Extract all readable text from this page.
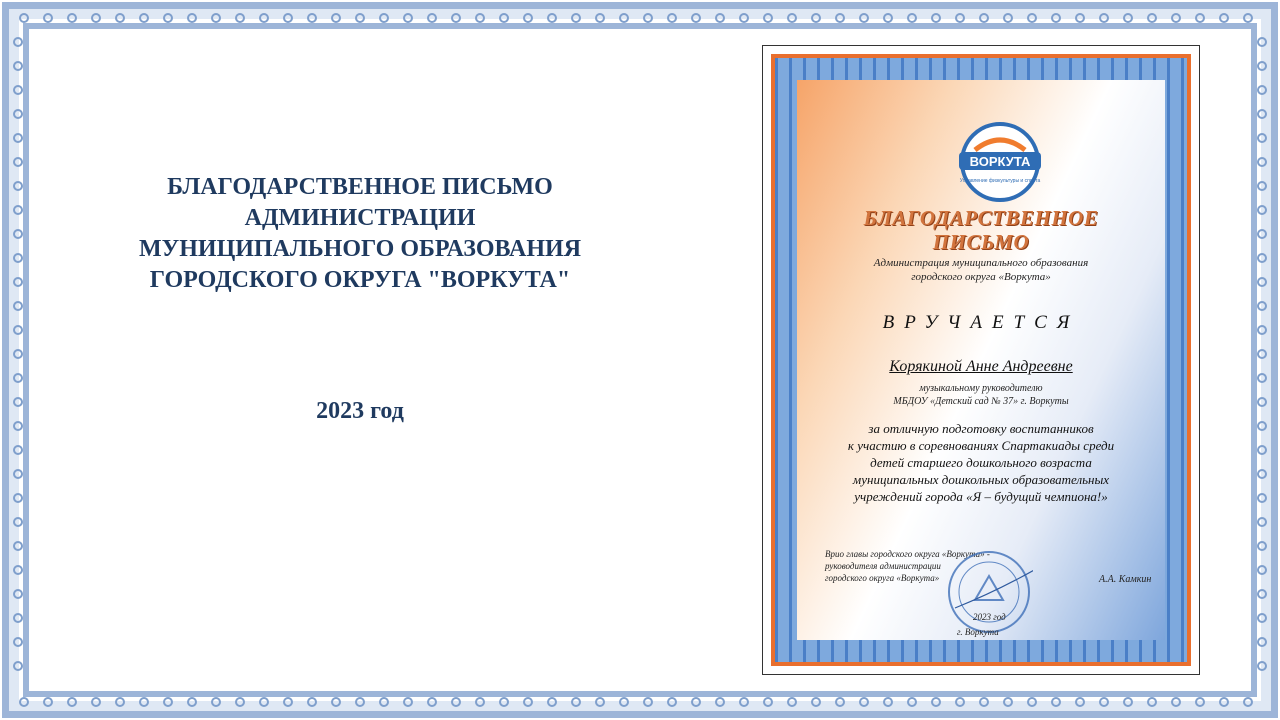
БЛАГОДАРСТВЕННОЕ ПИСЬМО
АДМИНИСТРАЦИИ
МУНИЦИПАЛЬНОГО ОБРАЗОВАНИЯ
ГОРОДСКОГО ОКРУГА "ВОРКУТА"
2023 год
ВОРКУТА
Управление физкультуры и спорта
БЛАГОДАРСТВЕННОЕ
ПИСЬМО
Администрация муниципального образования
городского округа «Воркута»
ВРУЧАЕТСЯ
Корякиной Анне Андреевне
музыкальному руководителю
МБДОУ «Детский сад № 37» г. Воркуты
за отличную подготовку воспитанников
к участию в соревнованиях Спартакиады среди
детей старшего дошкольного возраста
муниципальных дошкольных образовательных
учреждений города «Я – будущий чемпиона!»
Врио главы городского округа «Воркута» -
руководителя администрации
городского округа «Воркута»	А.А. Камкин
2023 год
г. Воркута
